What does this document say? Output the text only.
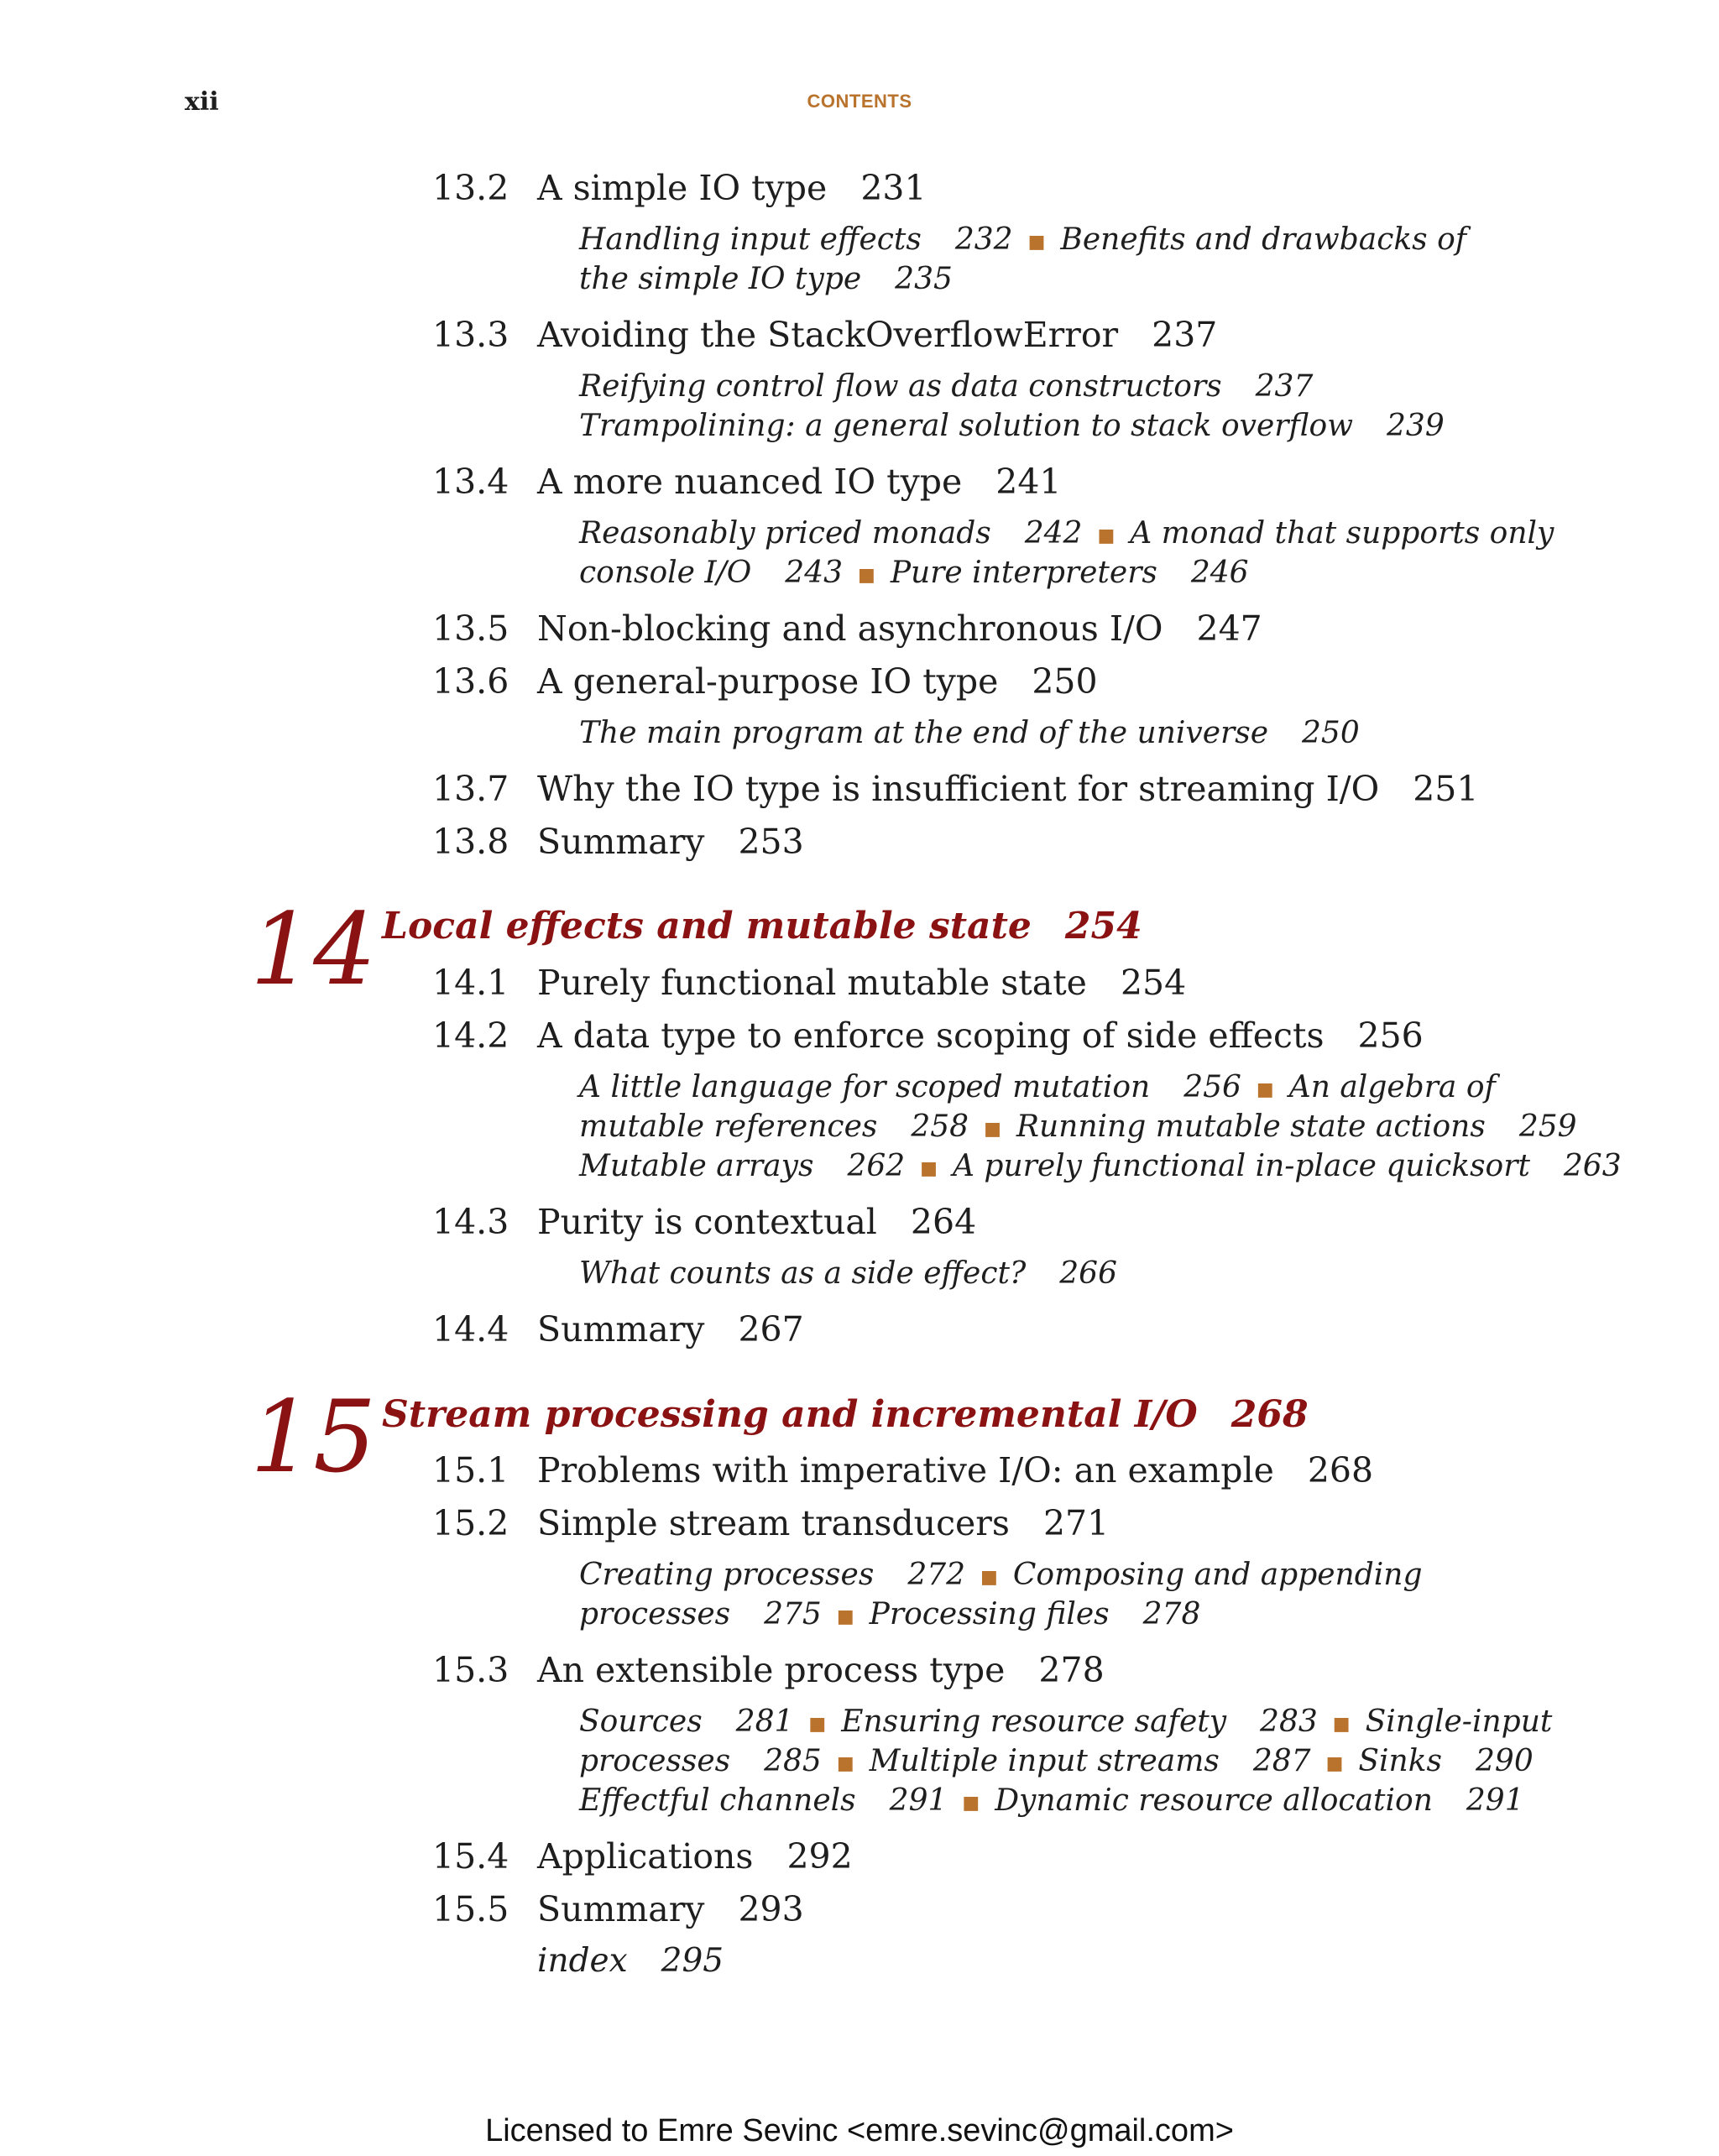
xii	CONTENTS
13.2 A simple IO type 231
Handling input effects 232 ■ Benefits and drawbacks of
the simple IO type 235
13.3 Avoiding the StackOverflowError 237
Reifying control flow as data constructors 237
Trampolining: a general solution to stack overflow 239
13.4 A more nuanced IO type 241
Reasonably priced monads 242 ■ A monad that supports only
console I/O 243 ■ Pure interpreters 246
13.5 Non-blocking and asynchronous I/O 247
13.6 A general-purpose IO type 250
The main program at the end of the universe 250
13.7 Why the IO type is insufficient for streaming I/O 251
13.8 Summary 253
14 Local effects and mutable state 254
14.1 Purely functional mutable state 254
14.2 A data type to enforce scoping of side effects 256
A little language for scoped mutation 256 ■ An algebra of
mutable references 258 ■ Running mutable state actions 259
Mutable arrays 262 ■ A purely functional in-place quicksort 263
14.3 Purity is contextual 264
What counts as a side effect? 266
14.4 Summary 267
15 Stream processing and incremental I/O 268
15.1 Problems with imperative I/O: an example 268
15.2 Simple stream transducers 271
Creating processes 272 ■ Composing and appending
processes 275 ■ Processing files 278
15.3 An extensible process type 278
Sources 281 ■ Ensuring resource safety 283 ■ Single-input
processes 285 ■ Multiple input streams 287 ■ Sinks 290
Effectful channels 291 ■ Dynamic resource allocation 291
15.4 Applications 292
15.5 Summary 293
index 295
Licensed to Emre Sevinc <emre.sevinc@gmail.com>
